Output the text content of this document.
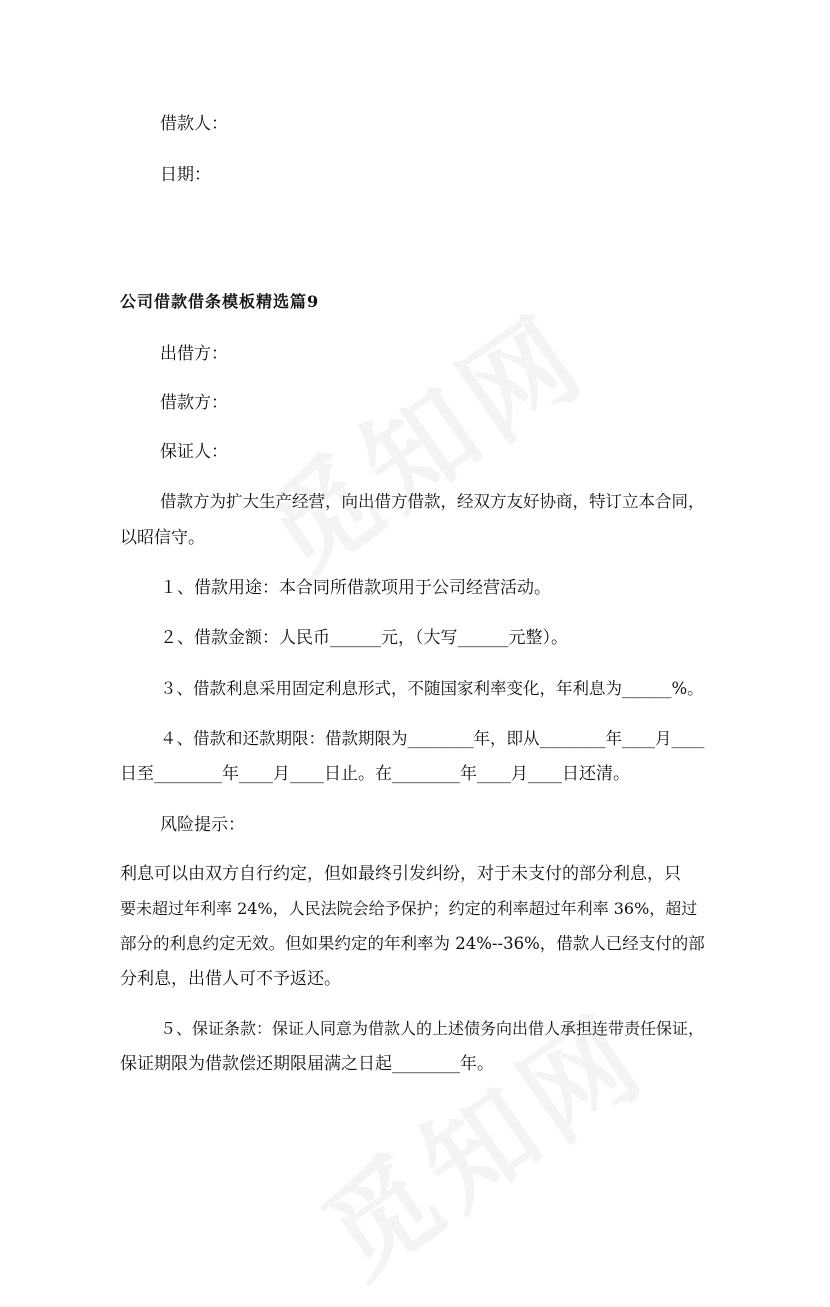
借款人：
日期：
公司借款借条模板精选篇9
出借方：
借款方：
保证人：
借款方为扩大生产经营，向出借方借款，经双方友好协商，特订立本合同，
以昭信守。
１、借款用途：本合同所借款项用于公司经营活动。
２、借款金额：人民币______元，（大写______元整）。
３、借款利息采用固定利息形式，不随国家利率变化，年利息为______%。
４、借款和还款期限：借款期限为________年，即从________年____月____
日至________年____月____日止。在________年____月____日还清。
风险提示：
利息可以由双方自行约定，但如最终引发纠纷，对于未支付的部分利息，只
要未超过年利率 24%，人民法院会给予保护；约定的利率超过年利率 36%，超过
部分的利息约定无效。但如果约定的年利率为 24%--36%，借款人已经支付的部
分利息，出借人可不予返还。
５、保证条款：保证人同意为借款人的上述债务向出借人承担连带责任保证，
保证期限为借款偿还期限届满之日起________年。
